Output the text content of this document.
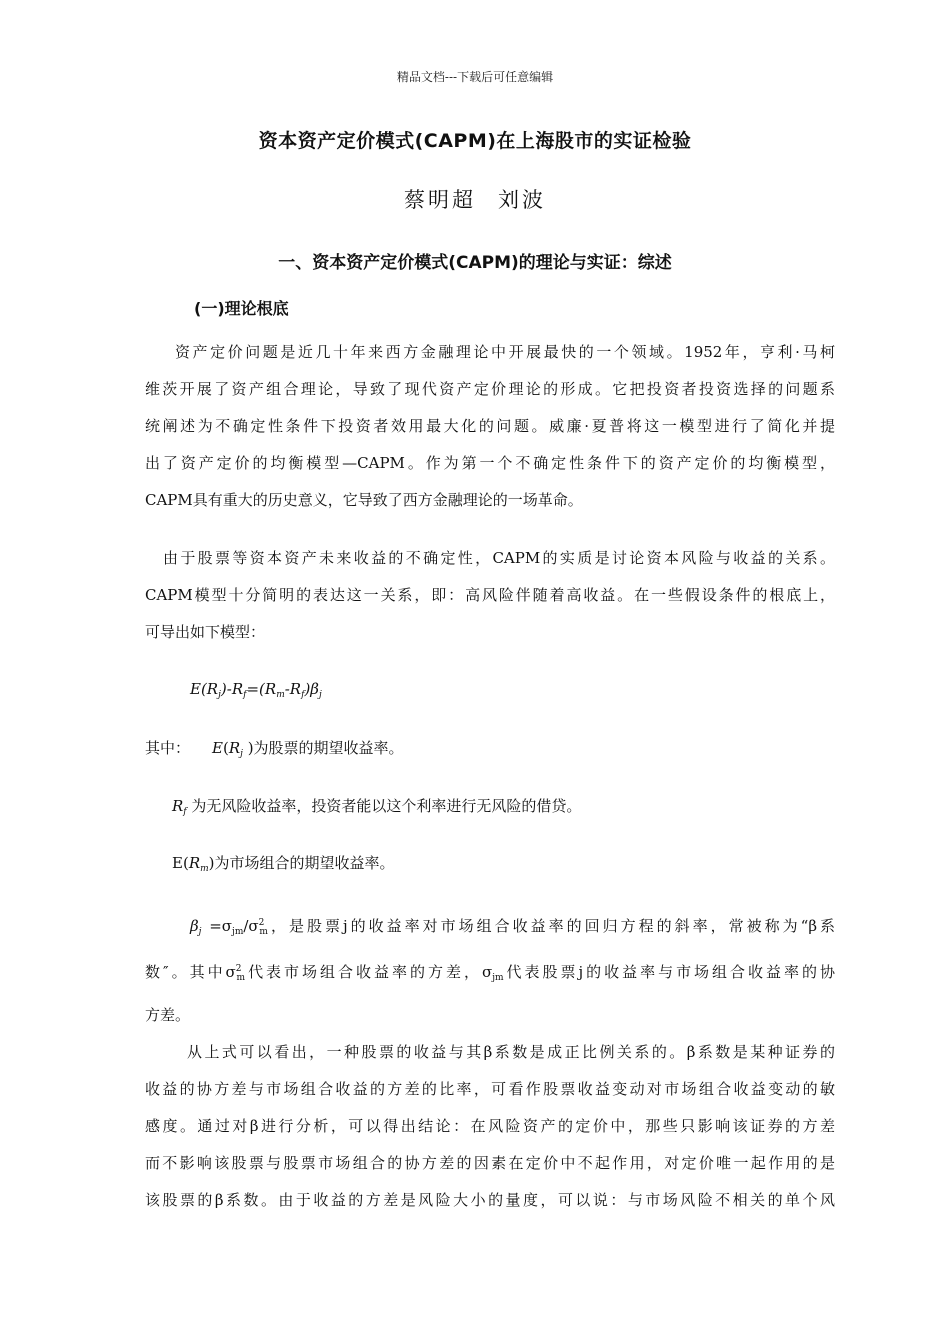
精品文档---下载后可任意编辑
资本资产定价模式(CAPM)在上海股市的实证检验
蔡明超 刘波
一、资本资产定价模式(CAPM)的理论与实证：综述
(一)理论根底
资产定价问题是近几十年来西方金融理论中开展最快的一个领域。1952年，亨利·马柯
维茨开展了资产组合理论，导致了现代资产定价理论的形成。它把投资者投资选择的问题系
统阐述为不确定性条件下投资者效用最大化的问题。威廉·夏普将这一模型进行了简化并提
出了资产定价的均衡模型—CAPM。作为第一个不确定性条件下的资产定价的均衡模型，
CAPM具有重大的历史意义，它导致了西方金融理论的一场革命。
由于股票等资本资产未来收益的不确定性，CAPM的实质是讨论资本风险与收益的关系。
CAPM模型十分简明的表达这一关系，即：高风险伴随着高收益。在一些假设条件的根底上，
可导出如下模型：
$E(R_j)-R_f=(R_m-R_f)\beta_j$
其中： $E(R_j$ )为股票的期望收益率。
$R_f$ 为无风险收益率，投资者能以这个利率进行无风险的借贷。
$E(R_m)$为市场组合的期望收益率。
$\beta_j =\sigma_{jm}/\sigma^2_m$，是股票j的收益率对市场组合收益率的回归方程的斜率，常被称为“β系
数″。其中$\sigma^2_m$代表市场组合收益率的方差，$\sigma_{jm}$代表股票j的收益率与市场组合收益率的协
方差。
从上式可以看出，一种股票的收益与其β系数是成正比例关系的。β系数是某种证券的
收益的协方差与市场组合收益的方差的比率，可看作股票收益变动对市场组合收益变动的敏
感度。通过对β进行分析，可以得出结论：在风险资产的定价中，那些只影响该证券的方差
而不影响该股票与股票市场组合的协方差的因素在定价中不起作用，对定价唯一起作用的是
该股票的β系数。由于收益的方差是风险大小的量度，可以说：与市场风险不相关的单个风
